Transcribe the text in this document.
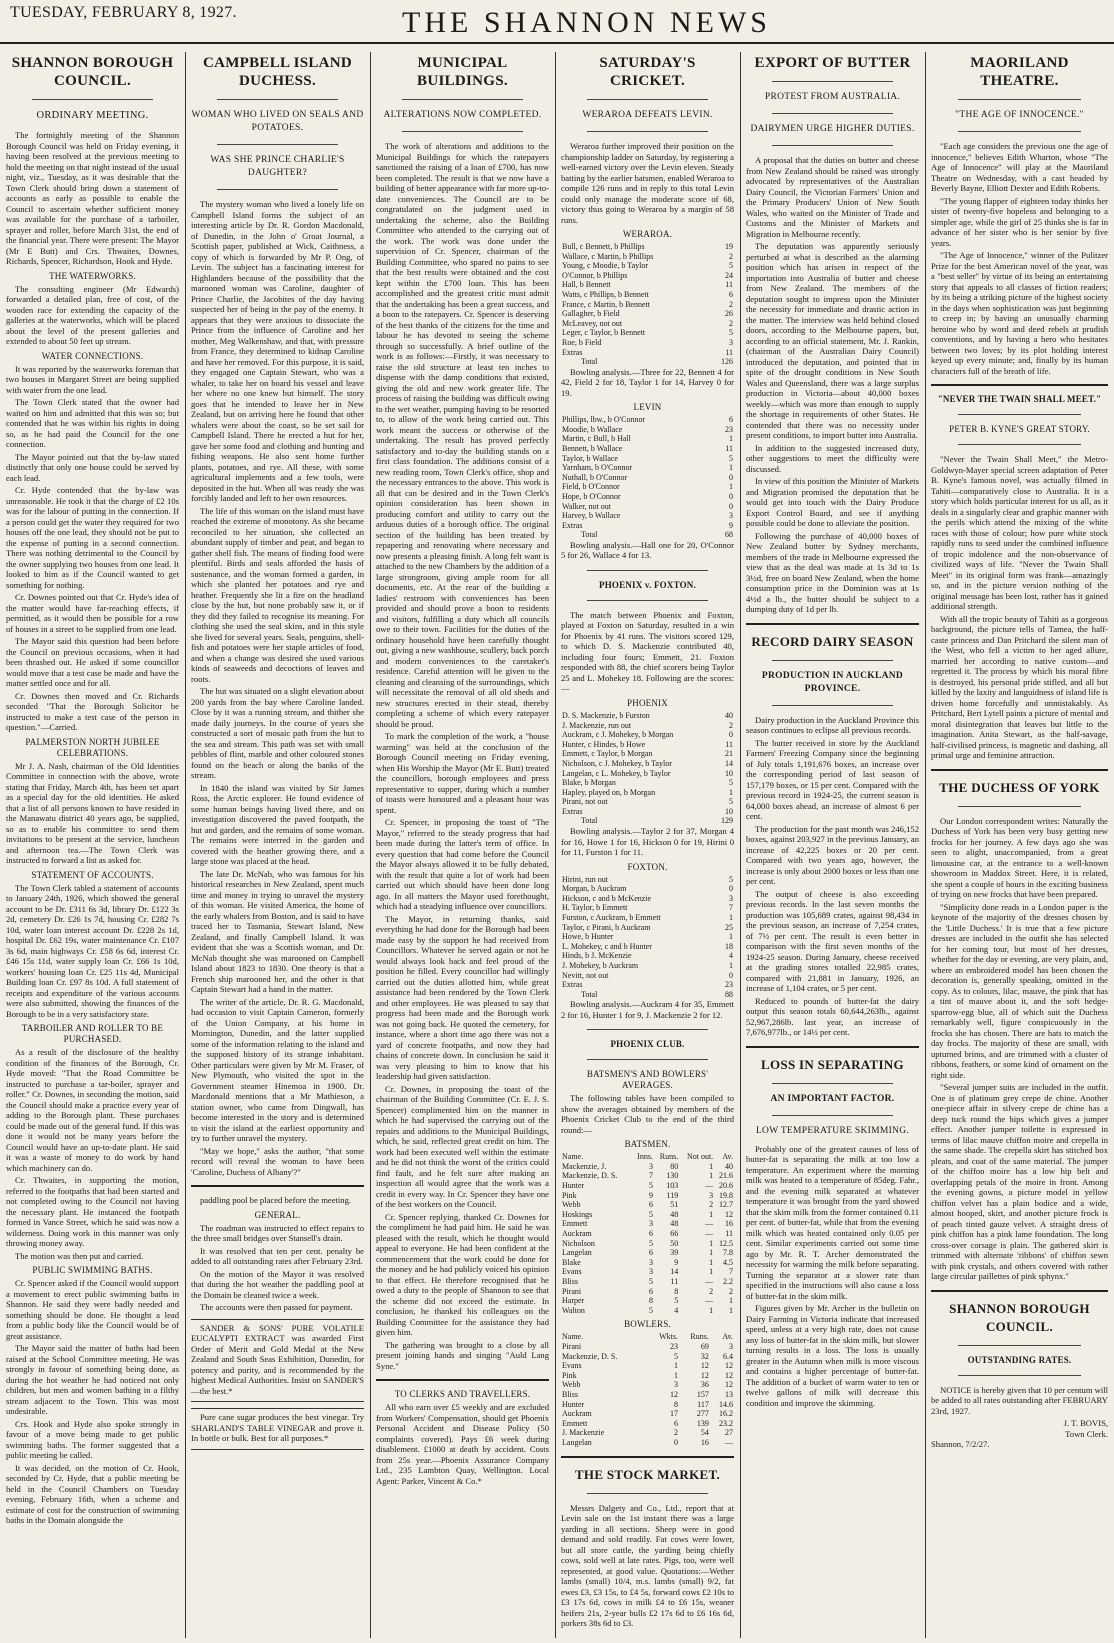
TUESDAY, FEBRUARY 8, 1927.	THE SHANNON NEWS
SHANNON BOROUGH COUNCIL.
ORDINARY MEETING.

The fortnightly meeting of the Shannon Borough Council was held on Friday evening, it having been resolved at the previous meeting to hold the meeting on that night instead of the usual night, viz., Tuesday, as it was desirable that the Town Clerk should bring down a statement of accounts as early as possible to enable the Council to ascertain whether sufficient money was available for the purchase of a tarboiler, sprayer and roller, before March 31st, the end of the financial year. There were present: The Mayor (Mr E Butt) and Crs. Thwaites, Downes, Richards, Spencer, Richardson, Hook and Hyde.

THE WATERWORKS.

The consulting engineer (Mr Edwards) forwarded a detailed plan, free of cost, of the wooden race for extending the capacity of the galleries at the waterworks, which will be placed about the level of the present galleries and extended to about 50 feet up stream.

WATER CONNECTIONS.

It was reported by the waterworks foreman that two houses in Margaret Street are being supplied with water from the one lead.

The Town Clerk stated that the owner had waited on him and admitted that this was so; but contended that he was within his rights in doing so, as he had paid the Council for the one connection.

The Mayor pointed out that the by-law stated distinctly that only one house could be served by each lead.

Cr. Hyde contended that the by-law was unreasonable. He took it that the charge of £2 10s was for the labour of putting in the connection. If a person could get the water they required for two houses off the one lead, they should not be put to the expense of putting in a second connection. There was nothing detrimental to the Council by the owner supplying two houses from one lead. It looked to him as if the Council wanted to get something for nothing.

Cr. Downes pointed out that Cr. Hyde's idea of the matter would have far-reaching effects, if permitted, as it would then be possible for a row of houses in a street to be supplied from one lead.

The Mayor said this question had been before the Council on previous occasions, when it had been thrashed out. He asked if some councillor would move that a test case be made and have the matter settled once and for all.

Cr. Downes then moved and Cr. Richards seconded "That the Borough Solicitor be instructed to make a test case of the person in question."—Carried.

PALMERSTON NORTH JUBILEE CELEBRATIONS.

Mr J. A. Nash, chairman of the Old Identities Committee in connection with the above, wrote stating that Friday, March 4th, has been set apart as a special day for the old identities. He asked that a list of all persons known to have resided in the Manawatu district 40 years ago, be supplied, so as to enable his committee to send them invitations to be present at the service, luncheon and afternoon tea.—The Town Clerk was instructed to forward a list as asked for.

STATEMENT OF ACCOUNTS.

The Town Clerk tabled a statement of accounts to January 24th, 1926, which showed the general account to be Dr. £311 6s 3d, library Dr. £122 3s 2d, cemetery Dr. £26 1s 7d, housing Cr. £282 7s 10d, water loan interest account Dr. £228 2s 1d, hospital Dr. £62 19s, water maintenance Cr. £107 3s 6d, main highways Cr. £58 6s 6d, interest Cr. £46 15s 11d, water supply loan Cr. £66 1s 10d, workers' housing loan Cr. £25 11s 4d, Municipal Building loan Cr. £97 8s 10d. A full statement of receipts and expenditure of the various accounts were also submitted, showing the finances of the Borough to be in a very satisfactory state.

TARBOILER AND ROLLER TO BE PURCHASED.

As a result of the disclosure of the healthy condition of the finances of the Borough, Cr. Hyde moved: "That the Road Committee be instructed to purchase a tar-boiler, sprayer and roller." Cr. Downes, in seconding the motion, said the Council should make a practice every year of adding to the Borough plant. These purchases could be made out of the general fund. If this was done it would not be many years before the Council would have an up-to-date plant. He said it was a waste of money to do work by hand which machinery can do.

Cr. Thwaites, in supporting the motion, referred to the footpaths that had been started and not completed owing to the Council not having the necessary plant. He instanced the footpath formed in Vance Street, which he said was now a wilderness. Doing work in this manner was only throwing money away.

The motion was then put and carried.

PUBLIC SWIMMING BATHS.

Cr. Spencer asked if the Council would support a movement to erect public swimming baths in Shannon. He said they were badly needed and something should be done. He thought a lead from a public body like the Council would be of great assistance.

The Mayor said the matter of baths had been raised at the School Committee meeting. He was strongly in favour of something being done, as during the hot weather he had noticed not only children, but men and women bathing in a filthy stream adjacent to the Town. This was most undesirable.

Crs. Hook and Hyde also spoke strongly in favour of a move being made to get public swimming baths. The former suggested that a public meeting be called.

It was decided, on the motion of Cr. Hook, seconded by Cr. Hyde, that a public meeting be held in the Council Chambers on Tuesday evening, February 16th, when a scheme and estimate of cost for the construction of swimming baths in the Domain alongside the

CAMPBELL ISLAND DUCHESS.
WOMAN WHO LIVED ON SEALS AND POTATOES.
WAS SHE PRINCE CHARLIE'S DAUGHTER?

The mystery woman who lived a lonely life on Campbell Island forms the subject of an interesting article by Dr. R. Gordon Macdonald, of Dunedin, in the John o' Groat Journal, a Scottish paper, published at Wick, Caithness, a copy of which is forwarded by Mr P. Ong, of Levin. The subject has a fascinating interest for Highlanders because of the possibility that the marooned woman was Caroline, daughter of Prince Charlie, the Jacobites of the day having suspected her of being in the pay of the enemy. It appears that they were anxious to dissociate the Prince from the influence of Caroline and her mother, Meg Walkenshaw, and that, with pressure from France, they determined to kidnap Caroline and have her removed. For this purpose, it is said, they engaged one Captain Stewart, who was a whaler, to take her on board his vessel and leave her where no one knew but himself. The story goes that he intended to leave her in New Zealand, but on arriving here he found that other whalers were about the coast, so he set sail for Campbell Island. There he erected a hut for her, gave her some food and clothing and hunting and fishing weapons. He also sent home further plants, potatoes, and rye. All these, with some agricultural implements and a few tools, were deposited in the hut. When all was ready she was forcibly landed and left to her own resources.

The life of this woman on the island must have reached the extreme of monotony. As she became reconciled to her situation, she collected an abundant supply of timber and peat, and began to gather shell fish. The means of finding food were plentiful. Birds and seals afforded the basis of sustenance, and the woman formed a garden, in which she planted her potatoes and rye and heather. Frequently she lit a fire on the headland close by the hut, but none probably saw it, or if they did they failed to recognise its meaning. For clothing she used the seal skins, and in this style she lived for several years. Seals, penguins, shell-fish and potatoes were her staple articles of food, and when a change was desired she used various kinds of seaweeds and decoctions of leaves and roots.

The hut was situated on a slight elevation about 200 yards from the bay where Caroline landed. Close by it was a running stream, and thither she made daily journeys. In the course of years she constructed a sort of mosaic path from the hut to the sea and stream. This path was set with small pebbles of flint, marble and other coloured stones found on the beach or along the banks of the stream.

In 1840 the island was visited by Sir James Ross, the Arctic explorer. He found evidence of some human beings having lived there, and on investigation discovered the paved footpath, the hut and garden, and the remains of some woman. The remains were interred in the garden and covered with the heather growing there, and a large stone was placed at the head.

The late Dr. McNab, who was famous for his historical researches in New Zealand, spent much time and money in trying to unravel the mystery of this woman. He visited America, the home of the early whalers from Boston, and is said to have traced her to Tasmania, Stewart Island, New Zealand, and finally Campbell Island. It was evident that she was a Scottish woman, and Dr. McNab thought she was marooned on Campbell Island about 1823 to 1830. One theory is that a French ship marooned her, and the other is that Captain Stewart had a hand in the matter.

The writer of the article, Dr. R. G. Macdonald, had occasion to visit Captain Cameron, formerly of the Union Company, at his home in Mornington, Dunedin, and the latter supplied some of the information relating to the island and the supposed history of its strange inhabitant. Other particulars were given by Mr M. Fraser, of New Plymouth, who visited the spot in the Government steamer Hinemoa in 1900. Dr. Macdonald mentions that a Mr Mathieson, a station owner, who came from Dingwall, has become interested in the story and is determined to visit the island at the earliest opportunity and try to further unravel the mystery.

"May we hope," asks the author, "that some record will reveal the woman to have been 'Caroline, Duchess of Albany'?"

paddling pool be placed before the meeting.

GENERAL.

The roadman was instructed to effect repairs to the three small bridges over Stansell's drain.

It was resolved that ten per cent. penalty be added to all outstanding rates after February 23rd.

On the motion of the Mayor it was resolved that during the hot weather the paddling pool at the Domain be cleaned twice a week.

The accounts were then passed for payment.

SANDER & SONS' PURE VOLATILE EUCALYPTI EXTRACT was awarded First Order of Merit and Gold Medal at the New Zealand and South Seas Exhibition, Dunedin, for potency and purity, and is recommended by the highest Medical Authorities. Insist on SANDER'S—the best.*

Pure cane sugar produces the best vinegar. Try SHARLAND'S TABLE VINEGAR and prove it. In bottle or bulk. Best for all purposes.*

MUNICIPAL BUILDINGS.
ALTERATIONS NOW COMPLETED.

The work of alterations and additions to the Municipal Buildings for which the ratepayers sanctioned the raising of a loan of £700, has now been completed. The result is that we now have a building of better appearance with far more up-to-date conveniences. The Council are to be congratulated on the judgment used in undertaking the scheme, also the Building Committee who attended to the carrying out of the work. The work was done under the supervision of Cr. Spencer, chairman of the Building Committee, who spared no pains to see that the best results were obtained and the cost kept within the £700 loan. This has been accomplished and the greatest critic must admit that the undertaking has been a great success, and a boon to the ratepayers. Cr. Spencer is deserving of the best thanks of the citizens for the time and labour he has devoted to seeing the scheme through so successfully. A brief outline of the work is as follows:—Firstly, it was necessary to raise the old structure at least ten inches to dispense with the damp conditions that existed, giving the old and new work greater life. The process of raising the building was difficult owing to the wet weather, pumping having to be resorted to, to allow of the work being carried out. This work meant the success or otherwise of the undertaking. The result has proved perfectly satisfactory and to-day the building stands on a first class foundation. The additions consist of a new reading room, Town Clerk's office, shop and the necessary entrances to the above. This work is all that can be desired and in the Town Clerk's opinion consideration has been shown in producing comfort and utility to carry out the arduous duties of a borough office. The original section of the building has been treated by repapering and renovating where necessary and now presents a pleasing finish. A long felt want is attached to the new Chambers by the addition of a large strongroom, giving ample room for all documents, etc. At the rear of the building a ladies' restroom with conveniences has been provided and should prove a boon to residents and visitors, fulfilling a duty which all councils owe to their town. Facilities for the duties of the ordinary household have been carefully thought out, giving a new washhouse, scullery, back porch and modern conveniences to the caretaker's residence. Careful attention will be given to the cleaning and cleansing of the surroundings, which will necessitate the removal of all old sheds and new structures erected in their stead, thereby completing a scheme of which every ratepayer should be proud.

To mark the completion of the work, a "house warming" was held at the conclusion of the Borough Council meeting on Friday evening, when His Worship the Mayor (Mr E. Butt) treated the councillors, borough employees and press representative to supper, during which a number of toasts were honoured and a pleasant hour was spent.

Cr. Spencer, in proposing the toast of "The Mayor," referred to the steady progress that had been made during the latter's term of office. In every question that had come before the Council the Mayor always allowed it to be fully debated, with the result that quite a lot of work had been carried out which should have been done long ago. In all matters the Mayor used forethought, which had a steadying influence over councillors.

The Mayor, in returning thanks, said everything he had done for the Borough had been made easy by the support he had received from Councillors. Whatever he served again or not he would always look back and feel proud of the position he filled. Every councillor had willingly carried out the duties allotted him, while great assistance had been rendered by the Town Clerk and other employees. He was pleased to say that progress had been made and the Borough work was not going back. He quoted the cemetery, for instance, where a short time ago there was not a yard of concrete footpaths, and now they had chains of concrete down. In conclusion he said it was very pleasing to him to know that his leadership had given satisfaction.

Cr. Downes, in proposing the toast of the chairman of the Building Committee (Cr. E. J. S. Spencer) complimented him on the manner in which he had supervised the carrying out of the repairs and additions to the Municipal Buildings, which, he said, reflected great credit on him. The work had been executed well within the estimate and he did not think the worst of the critics could find fault, and he felt sure after making an inspection all would agree that the work was a credit in every way. In Cr. Spencer they have one of the best workers on the Council.

Cr. Spencer replying, thanked Cr. Downes for the compliment he had paid him. He said he was pleased with the result, which he thought would appeal to everyone. He had been confident at the commencement that the work could be done for the money and he had publicly voiced his opinion to that effect. He therefore recognised that he owed a duty to the people of Shannon to see that the scheme did not exceed the estimate. In conclusion, he thanked his colleagues on the Building Committee for the assistance they had given him.

The gathering was brought to a close by all present joining hands and singing "Auld Lang Syne."

TO CLERKS AND TRAVELLERS.

All who earn over £5 weekly and are excluded from Workers' Compensation, should get Phoenix Personal Accident and Disease Policy (50 complaints covered). Pays £6 week during disablement. £1000 at death by accident. Costs from 25s year.—Phoenix Assurance Company Ltd., 235 Lambton Quay, Wellington. Local Agent: Parker, Vincent & Co.*

SATURDAY'S CRICKET.
WERAROA DEFEATS LEVIN.

Weraroa further improved their position on the championship ladder on Saturday, by registering a well-earned victory over the Levin eleven. Steady batting by the earlier batsmen, enabled Weraroa to compile 126 runs and in reply to this total Levin could only manage the moderate score of 68, victory thus going to Weraroa by a margin of 58 runs.

WERAROA.
Bull, c Bennett, b Phillips	19
Wallace, c Martin, b Phillips	2
Young, c Moodie, b Taylor	5
O'Connor, b Phillips	24
Hall, b Bennett	11
Watts, c Phillips, b Bennett	6
France, c Martin, b Bennett	2
Gallagher, b Field	26
McLeavey, not out	2
Leger, c Taylor, b Bennett	5
Roe, b Field	3
Extras	11
Total	126

Bowling analysis.—Three for 22, Bennett 4 for 42, Field 2 for 18, Taylor 1 for 14, Harvey 0 for 19.

LEVIN
Phillips, lbw., b O'Connor	6
Moodie, b Wallace	23
Martin, c Bull, b Hall	1
Bennett, b Wallace	11
Taylor, b Wallace	5
Yarnham, b O'Connor	1
Nuthall, b O'Connor	0
Field, b O'Connor	1
Hope, b O'Connor	0
Walker, not out	0
Harvey, b Wallace	3
Extras	9
Total	68

Bowling analysis.—Hall one for 20, O'Connor 5 for 26, Wallace 4 for 13.

PHOENIX v. FOXTON.

The match between Phoenix and Foxton, played at Foxton on Saturday, resulted in a win for Phoenix by 41 runs. The visitors scored 129, to which D. S. Mackenzie contributed 40, including four fours; Emmett, 21. Foxton responded with 88, the chief scorers being Taylor 25 and L. Mohekey 18. Following are the scores:—

PHOENIX
D. S. Mackenzie, b Furston	40
J. Mackenzie, run out	2
Auckram, c J. Mohekey, b Morgan	0
Hunter, c Hindes, b Howe	11
Emmett, c Taylor, b Morgan	21
Nicholson, c J. Mohekey, b Taylor	14
Langelan, c L. Mohekey, b Taylor	10
Blake, b Morgan	5
Hapley, played on, b Morgan	1
Pirani, not out	5
Extras	10
Total	129

Bowling analysis.—Taylor 2 for 37, Morgan 4 for 16, Howe 1 for 16, Hickson 0 for 19, Hirini 0 for 11, Furston 1 for 11.

FOXTON.
Hirini, run out	5
Morgan, b Auckram	0
Hickson, c and b McKenzie	3
H. Taylor, b Emmett	7
Furston, c Auckram, b Emmett	1
Taylor, c Pirani, b Auckram	25
Howe, b Hunter	1
L. Mohekey, c and b Hunter	18
Hinds, b J. McKenzie	4
J. Mohekey, b Auckram	1
Nevitt, not out	0
Extras	23
Total	88

Bowling analysis.—Auckram 4 for 35, Emmett 2 for 16, Hunter 1 for 9, J. Mackenzie 2 for 12.

PHOENIX CLUB.
BATSMEN'S AND BOWLERS' AVERAGES.

The following tables have been compiled to show the averages obtained by members of the Phoenix Cricket Club to the end of the third round:—

BATSMEN.
Name.	Inns.	Runs.	Not out.	Av.
Mackenzie, J.	3	80	1	40
Mackenzie, D. S.	7	130	1	21.6
Hunter	5	103	—	20.6
Pink	9	119	3	19.8
Webb	6	51	2	12.7
Hoskings	5	48	1	12
Emmett	3	48	—	16
Auckram	6	66	—	11
Nicholson	5	50	1	12.5
Langelan	6	39	1	7.8
Blake	3	9	1	4.5
Evans	3	14	1	7
Bliss	5	11	—	2.2
Pirani	6	8	2	2
Harper	8	5	—	1
Walton	5	4	1	1
BOWLERS.
Name.	Wkts.	Runs.	Av.
Pirani	23	69	3
Mackenzie, D. S.	5	32	6.4
Evans	1	12	12
Pink	1	12	12
Webb	3	36	12
Bliss	12	157	13
Hunter	8	117	14.6
Auckram	17	277	16.2
Emmett	6	139	23.2
J. Mackenzie	2	54	27
Langelan	0	16	—
THE STOCK MARKET.

Messrs Dalgety and Co., Ltd., report that at Levin sale on the 1st instant there was a large yarding in all sections. Sheep were in good demand and sold readily. Fat cows were lower, but all store cattle, the yarding being chiefly cows, sold well at late rates. Pigs, too, were well represented, at good value. Quotations:—Wether lambs (small) 10/4, m.s. lambs (small) 9/2, fat ewes £3, £3 15s, to £4 5s, forward cows £2 10s to £3 17s 6d, cows in milk £4 to £6 15s, weaner heifers 21s, 2-year bulls £2 17s 6d to £6 16s 6d, porkers 38s 6d to £3.

EXPORT OF BUTTER
PROTEST FROM AUSTRALIA.
DAIRYMEN URGE HIGHER DUTIES.

A proposal that the duties on butter and cheese from New Zealand should be raised was strongly advocated by representatives of the Australian Dairy Council, the Victorian Farmers' Union and the Primary Producers' Union of New South Wales, who waited on the Minister of Trade and Customs and the Minister of Markets and Migration in Melbourne recently.

The deputation was apparently seriously perturbed at what is described as the alarming position which has arisen in respect of the importation into Australia of butter and cheese from New Zealand. The members of the deputation sought to impress upon the Minister the necessity for immediate and drastic action in the matter. The interview was held behind closed doors, according to the Melbourne papers, but, according to an official statement, Mr. J. Rankin, (chairman of the Australian Dairy Council) introduced the deputation, and pointed that in spite of the drought conditions in New South Wales and Queensland, there was a large surplus production in Victoria—about 40,000 boxes weekly—which was more than enough to supply the shortage in requirements of other States. He contended that there was no necessity under present conditions, to import butter into Australia.

In addition to the suggested increased duty, other suggestions to meet the difficulty were discussed.

In view of this position the Minister of Markets and Migration promised the deputation that he would get into touch with the Dairy Produce Export Control Board, and see if anything possible could be done to alleviate the position.

Following the purchase of 40,000 boxes of New Zealand butter by Sydney merchants, members of the trade in Melbourne expressed the view that as the deal was made at 1s 3d to 1s 3½d, free on board New Zealand, when the home consumption price in the Dominion was at 1s 4½d a lb., the butter should be subject to a dumping duty of 1d per lb.

RECORD DAIRY SEASON
PRODUCTION IN AUCKLAND PROVINCE.

Dairy production in the Auckland Province this season continues to eclipse all previous records.

The butter received in store by the Auckland Farmers' Freezing Company since the beginning of July totals 1,191,676 boxes, an increase over the corresponding period of last season of 157,179 boxes, or 15 per cent. Compared with the previous record in 1924-25, the current season is 64,000 boxes ahead, an increase of almost 6 per cent.

The production for the past month was 246,152 boxes, against 203,927 in the previous January, an increase of 42,225 boxes or 20 per cent. Compared with two years ago, however, the increase is only about 2000 boxes or less than one per cent.

The output of cheese is also exceeding previous records. In the last seven months the production was 105,689 crates, against 98,434 in the previous season, an increase of 7,254 crates, of 7½ per cent. The result is even better in comparison with the first seven months of the 1924-25 season. During January, cheese received at the grading stores totalled 22,985 crates, compared with 21,881 in January, 1926, an increase of 1,104 crates, or 5 per cent.

Reduced to pounds of butter-fat the dairy output this season totals 60,644,263lb., against 52,967,286lb. last year, an increase of 7,676,977lb., or 14½ per cent.

LOSS IN SEPARATING
AN IMPORTANT FACTOR.
LOW TEMPERATURE SKIMMING.

Probably one of the greatest causes of loss of butter-fat is separating the milk at too low a temperature. An experiment where the morning milk was heated to a temperature of 85deg. Fahr., and the evening milk separated at whatever temperature it was brought from the yard showed that the skim milk from the former contained 0.11 per cent. of butter-fat, while that from the evening milk which was heated contained only 0.05 per cent. Similar experiments carried out some time ago by Mr. R. T. Archer demonstrated the necessity for warming the milk before separating. Turning the separator at a slower rate than specified in the instructions will also cause a loss of butter-fat in the skim milk.

Figures given by Mr. Archer in the bulletin on Dairy Farming in Victoria indicate that increased speed, unless at a very high rate, does not cause any loss of butter-fat in the skim milk, but slower turning results in a loss. The loss is usually greater in the Autumn when milk is more viscous and contains a higher percentage of butter-fat. The addition of a bucket of warm water to ten or twelve gallons of milk will decrease this condition and improve the skimming.

MAORILAND THEATRE.
"THE AGE OF INNOCENCE."

"Each age considers the previous one the age of innocence," believes Edith Wharton, whose "The Age of Innocence" will play at the Maoriland Theatre on Wednesday, with a cast headed by Beverly Bayne, Elliott Dexter and Edith Roberts.

"The young flapper of eighteen today thinks her sister of twenty-five hopeless and belonging to a simpler age, while the girl of 25 thinks she is far in advance of her sister who is her senior by five years.

"The Age of Innocence," winner of the Pulitzer Prize for the best American novel of the year, was a "best seller" by virtue of its being an entertaining story that appeals to all classes of fiction readers; by its being a striking picture of the highest society in the days when sophistication was just beginning to creep in; by having an unusually charming heroine who by word and deed rebels at prudish conventions, and by having a hero who hesitates between two loves; by its plot holding interest keyed up every minute; and, finally by its human characters full of the breath of life.

"NEVER THE TWAIN SHALL MEET."
PETER B. KYNE'S GREAT STORY.

"Never the Twain Shall Meet," the Metro-Goldwyn-Mayer special screen adaptation of Peter B. Kyne's famous novel, was actually filmed in Tahiti—comparatively close to Australia. It is a story which holds particular interest for us all, as it deals in a singularly clear and graphic manner with the perils which attend the mixing of the white races with those of colour; how pure white stock rapidly runs to seed under the combined influence of tropic indolence and the non-observance of civilized ways of life. "Never the Twain Shall Meet" in its original form was frank—amazingly so, and in the picture version nothing of the original message has been lost, rather has it gained additional strength.

With all the tropic beauty of Tahiti as a gorgeous background, the picture tells of Tamea, the half-caste princess and Dan Pritchard the silent man of the West, who fell a victim to her aged allure, married her according to native custom—and regretted it. The process by which his moral fibre is destroyed, his personal pride stifled, and all but killed by the laxity and languidness of island life is driven home forcefully and unmistakably. As Pritchard, Bert Lytell paints a picture of mental and moral disintegration that leaves but little to the imagination. Anita Stewart, as the half-savage, half-civilised princess, is magnetic and dashing, all primal urge and feminine attraction.

THE DUCHESS OF YORK

Our London correspondent writes: Naturally the Duchess of York has been very busy getting new frocks for her journey. A few days ago she was seen to alight, unaccompanied, from a great limousine car, at the entrance to a well-known showroom in Maddox Street. Here, it is related, she spent a couple of hours in the exciting business of trying on new frocks that have been prepared.

"Simplicity done reads in a London paper is the keynote of the majority of the dresses chosen by the 'Little Duchess.' It is true that a few picture dresses are included in the outfit she has selected for her coming tour, but most of her dresses, whether for the day or evening, are very plain, and, where an embroidered model has been chosen the decoration is, generally speaking, omitted in the copy. As to colours, lilac, mauve, the pink that has a tint of mauve about it, and the soft hedge-sparrow-egg blue, all of which suit the Duchess remarkably well, figure conspicuously in the frocks she has chosen. There are hats to match the day frocks. The majority of these are small, with upturned brims, and are trimmed with a cluster of ribbons, feathers, or some kind of ornament on the right side.

"Several jumper suits are included in the outfit. One is of platinum grey crepe de chine. Another one-piece affair in silvery crepe de chine has a deep tuck round the hips which gives a jumper effect. Another jumper toilette is expressed in terms of lilac mauve chiffon moire and crepella in the same shade. The crepella skirt has stitched box pleats, and coat of the same material. The jumper of the chiffon moire has a low hip belt and overlapping petals of the moire in front. Among the evening gowns, a picture model in yellow chiffon velvet has a plain bodice and a wide, almost hooped, skirt, and another picture frock is of peach tinted gauze velvet. A straight dress of pink chiffon has a pink lame foundation. The long cross-over corsage is plain. The gathered skirt is trimmed with alternate 'ribbons' of chiffon sewn with pink crystals, and others covered with rather large circular paillettes of pink sphynx."

SHANNON BOROUGH COUNCIL.
OUTSTANDING RATES.

NOTICE is hereby given that 10 per centum will be added to all rates outstanding after FEBRUARY 23rd, 1927.

J. T. BOVIS,
Town Clerk.
Shannon, 7/2/27.
